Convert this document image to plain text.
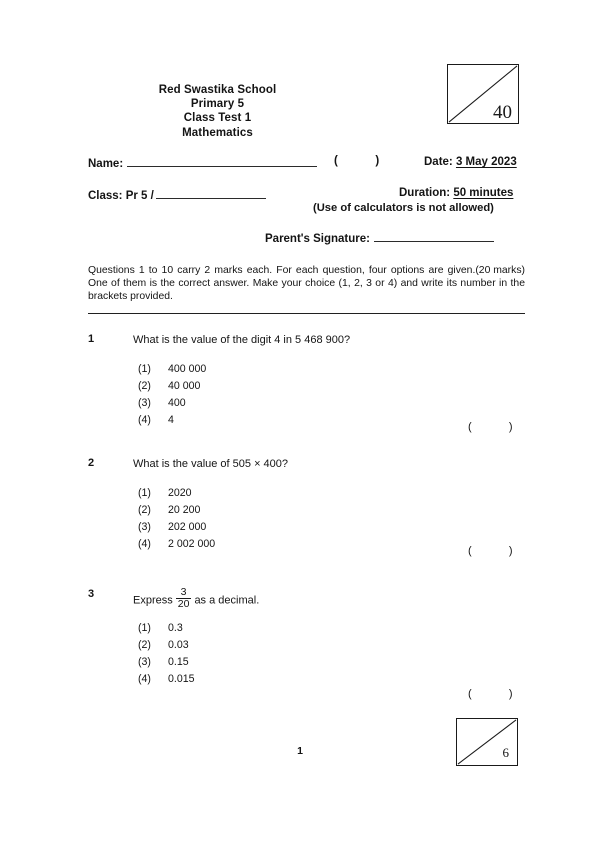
40
Red Swastika School
Primary 5
Class Test 1
Mathematics
Name:	(   )	Date: 3 May 2023
Class: Pr 5 /	Duration: 50 minutes
(Use of calculators is not allowed)
Parent's Signature:
(20 marks)
Questions 1 to 10 carry 2 marks each. For each question, four options are given. One of them is the correct answer. Make your choice (1, 2, 3 or 4) and write its number in the brackets provided.
1	What is the value of the digit 4 in 5 468 900?
(1)	400 000
(2)	40 000
(3)	400
(4)	4
(   )
2	What is the value of 505 × 400?
(1)	2020
(2)	20 200
(3)	202 000
(4)	2 002 000
(   )
3
Express $\frac{3}{20}$ as a decimal.
(1)	0.3
(2)	0.03
(3)	0.15
(4)	0.015
(   )
1	6
